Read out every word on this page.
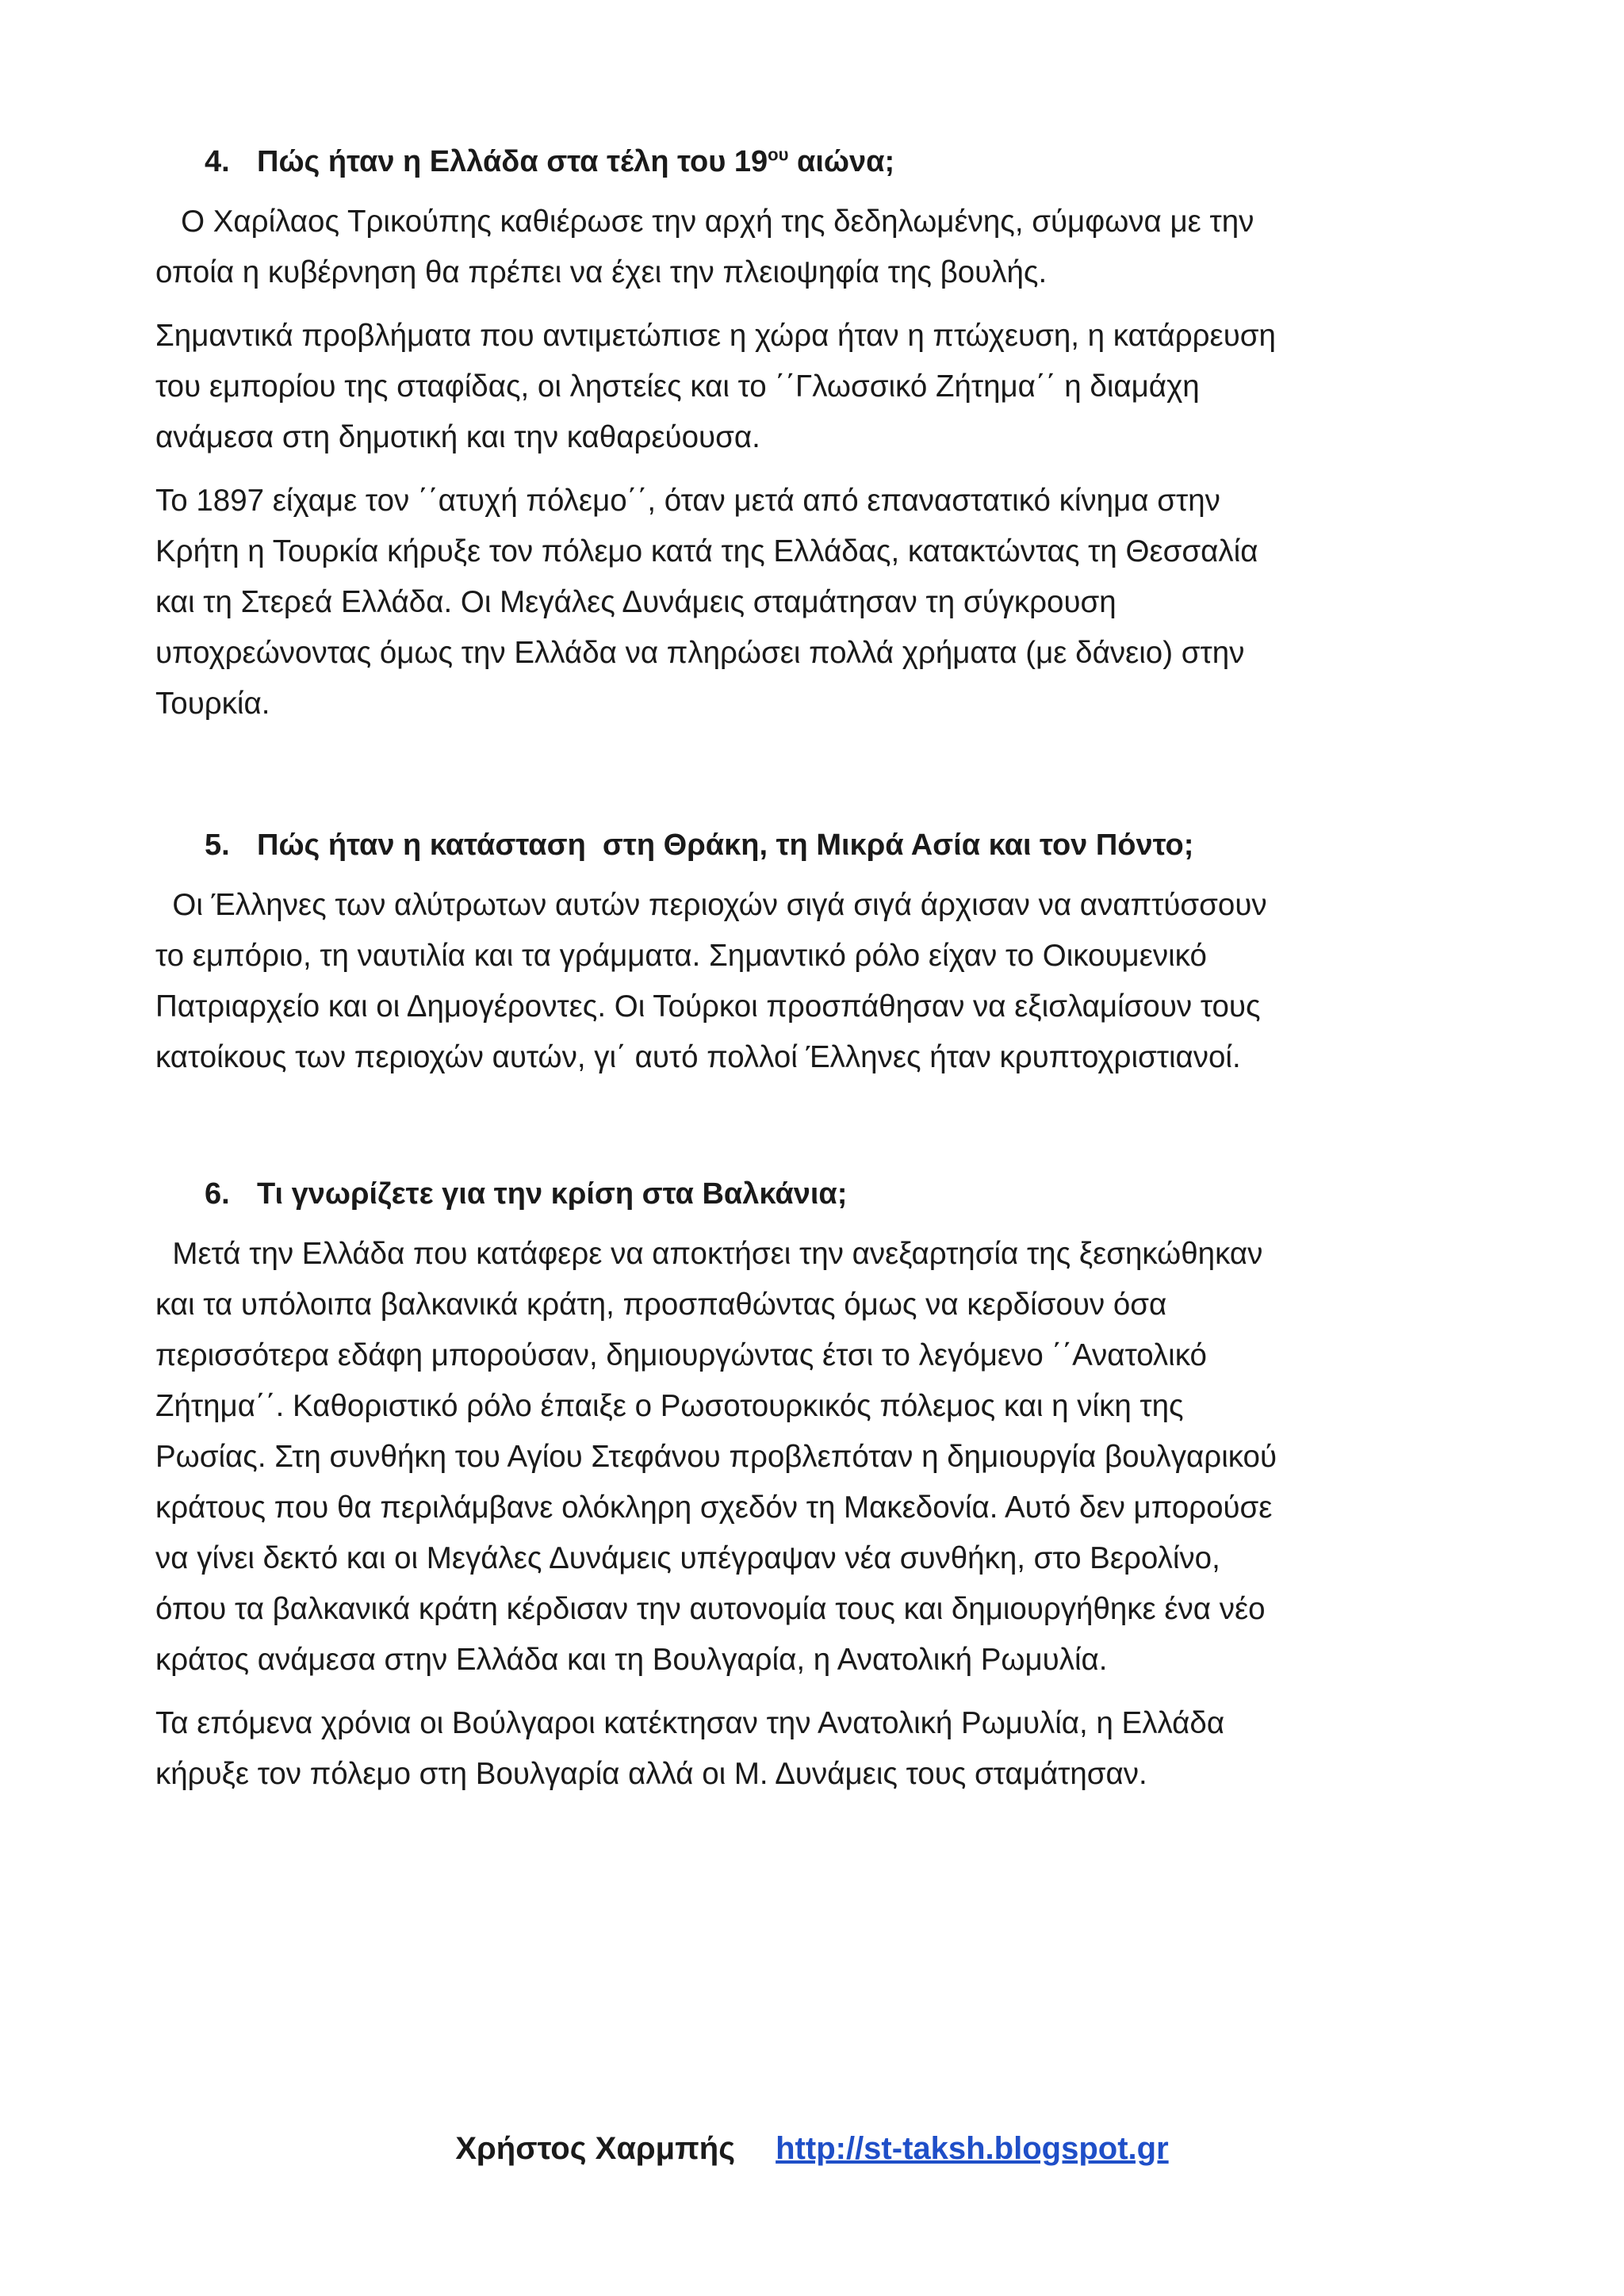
4. Πώς ήταν η Ελλάδα στα τέλη του $19^{o\upsilon}$ αιώνα;
Ο Χαρίλαος Τρικούπης καθιέρωσε την αρχή της δεδηλωμένης, σύμφωνα με την
οποία η κυβέρνηση θα πρέπει να έχει την πλειοψηφία της βουλής.
Σημαντικά προβλήματα που αντιμετώπισε η χώρα ήταν η πτώχευση, η κατάρρευση
του εμπορίου της σταφίδας, οι ληστείες και το ΄΄Γλωσσικό Ζήτημα΄΄ η διαμάχη
ανάμεσα στη δημοτική και την καθαρεύουσα.
Το 1897 είχαμε τον ΄΄ατυχή πόλεμο΄΄, όταν μετά από επαναστατικό κίνημα στην
Κρήτη η Τουρκία κήρυξε τον πόλεμο κατά της Ελλάδας, κατακτώντας τη Θεσσαλία
και τη Στερεά Ελλάδα. Οι Μεγάλες Δυνάμεις σταμάτησαν τη σύγκρουση
υποχρεώνοντας όμως την Ελλάδα να πληρώσει πολλά χρήματα (με δάνειο) στην
Τουρκία.
5. Πώς ήταν η κατάσταση  στη Θράκη, τη Μικρά Ασία και τον Πόντο;
Οι Έλληνες των αλύτρωτων αυτών περιοχών σιγά σιγά άρχισαν να αναπτύσσουν
το εμπόριο, τη ναυτιλία και τα γράμματα. Σημαντικό ρόλο είχαν το Οικουμενικό
Πατριαρχείο και οι Δημογέροντες. Οι Τούρκοι προσπάθησαν να εξισλαμίσουν τους
κατοίκους των περιοχών αυτών, γι΄ αυτό πολλοί Έλληνες ήταν κρυπτοχριστιανοί.
6. Τι γνωρίζετε για την κρίση στα Βαλκάνια;
Μετά την Ελλάδα που κατάφερε να αποκτήσει την ανεξαρτησία της ξεσηκώθηκαν
και τα υπόλοιπα βαλκανικά κράτη, προσπαθώντας όμως να κερδίσουν όσα
περισσότερα εδάφη μπορούσαν, δημιουργώντας έτσι το λεγόμενο ΄΄Ανατολικό
Ζήτημα΄΄. Καθοριστικό ρόλο έπαιξε ο Ρωσοτουρκικός πόλεμος και η νίκη της
Ρωσίας. Στη συνθήκη του Αγίου Στεφάνου προβλεπόταν η δημιουργία βουλγαρικού
κράτους που θα περιλάμβανε ολόκληρη σχεδόν τη Μακεδονία. Αυτό δεν μπορούσε
να γίνει δεκτό και οι Μεγάλες Δυνάμεις υπέγραψαν νέα συνθήκη, στο Βερολίνο,
όπου τα βαλκανικά κράτη κέρδισαν την αυτονομία τους και δημιουργήθηκε ένα νέο
κράτος ανάμεσα στην Ελλάδα και τη Βουλγαρία, η Ανατολική Ρωμυλία.
Τα επόμενα χρόνια οι Βούλγαροι κατέκτησαν την Ανατολική Ρωμυλία, η Ελλάδα
κήρυξε τον πόλεμο στη Βουλγαρία αλλά οι Μ. Δυνάμεις τους σταμάτησαν.
Χρήστος Χαρμπής http://st-taksh.blogspot.gr
